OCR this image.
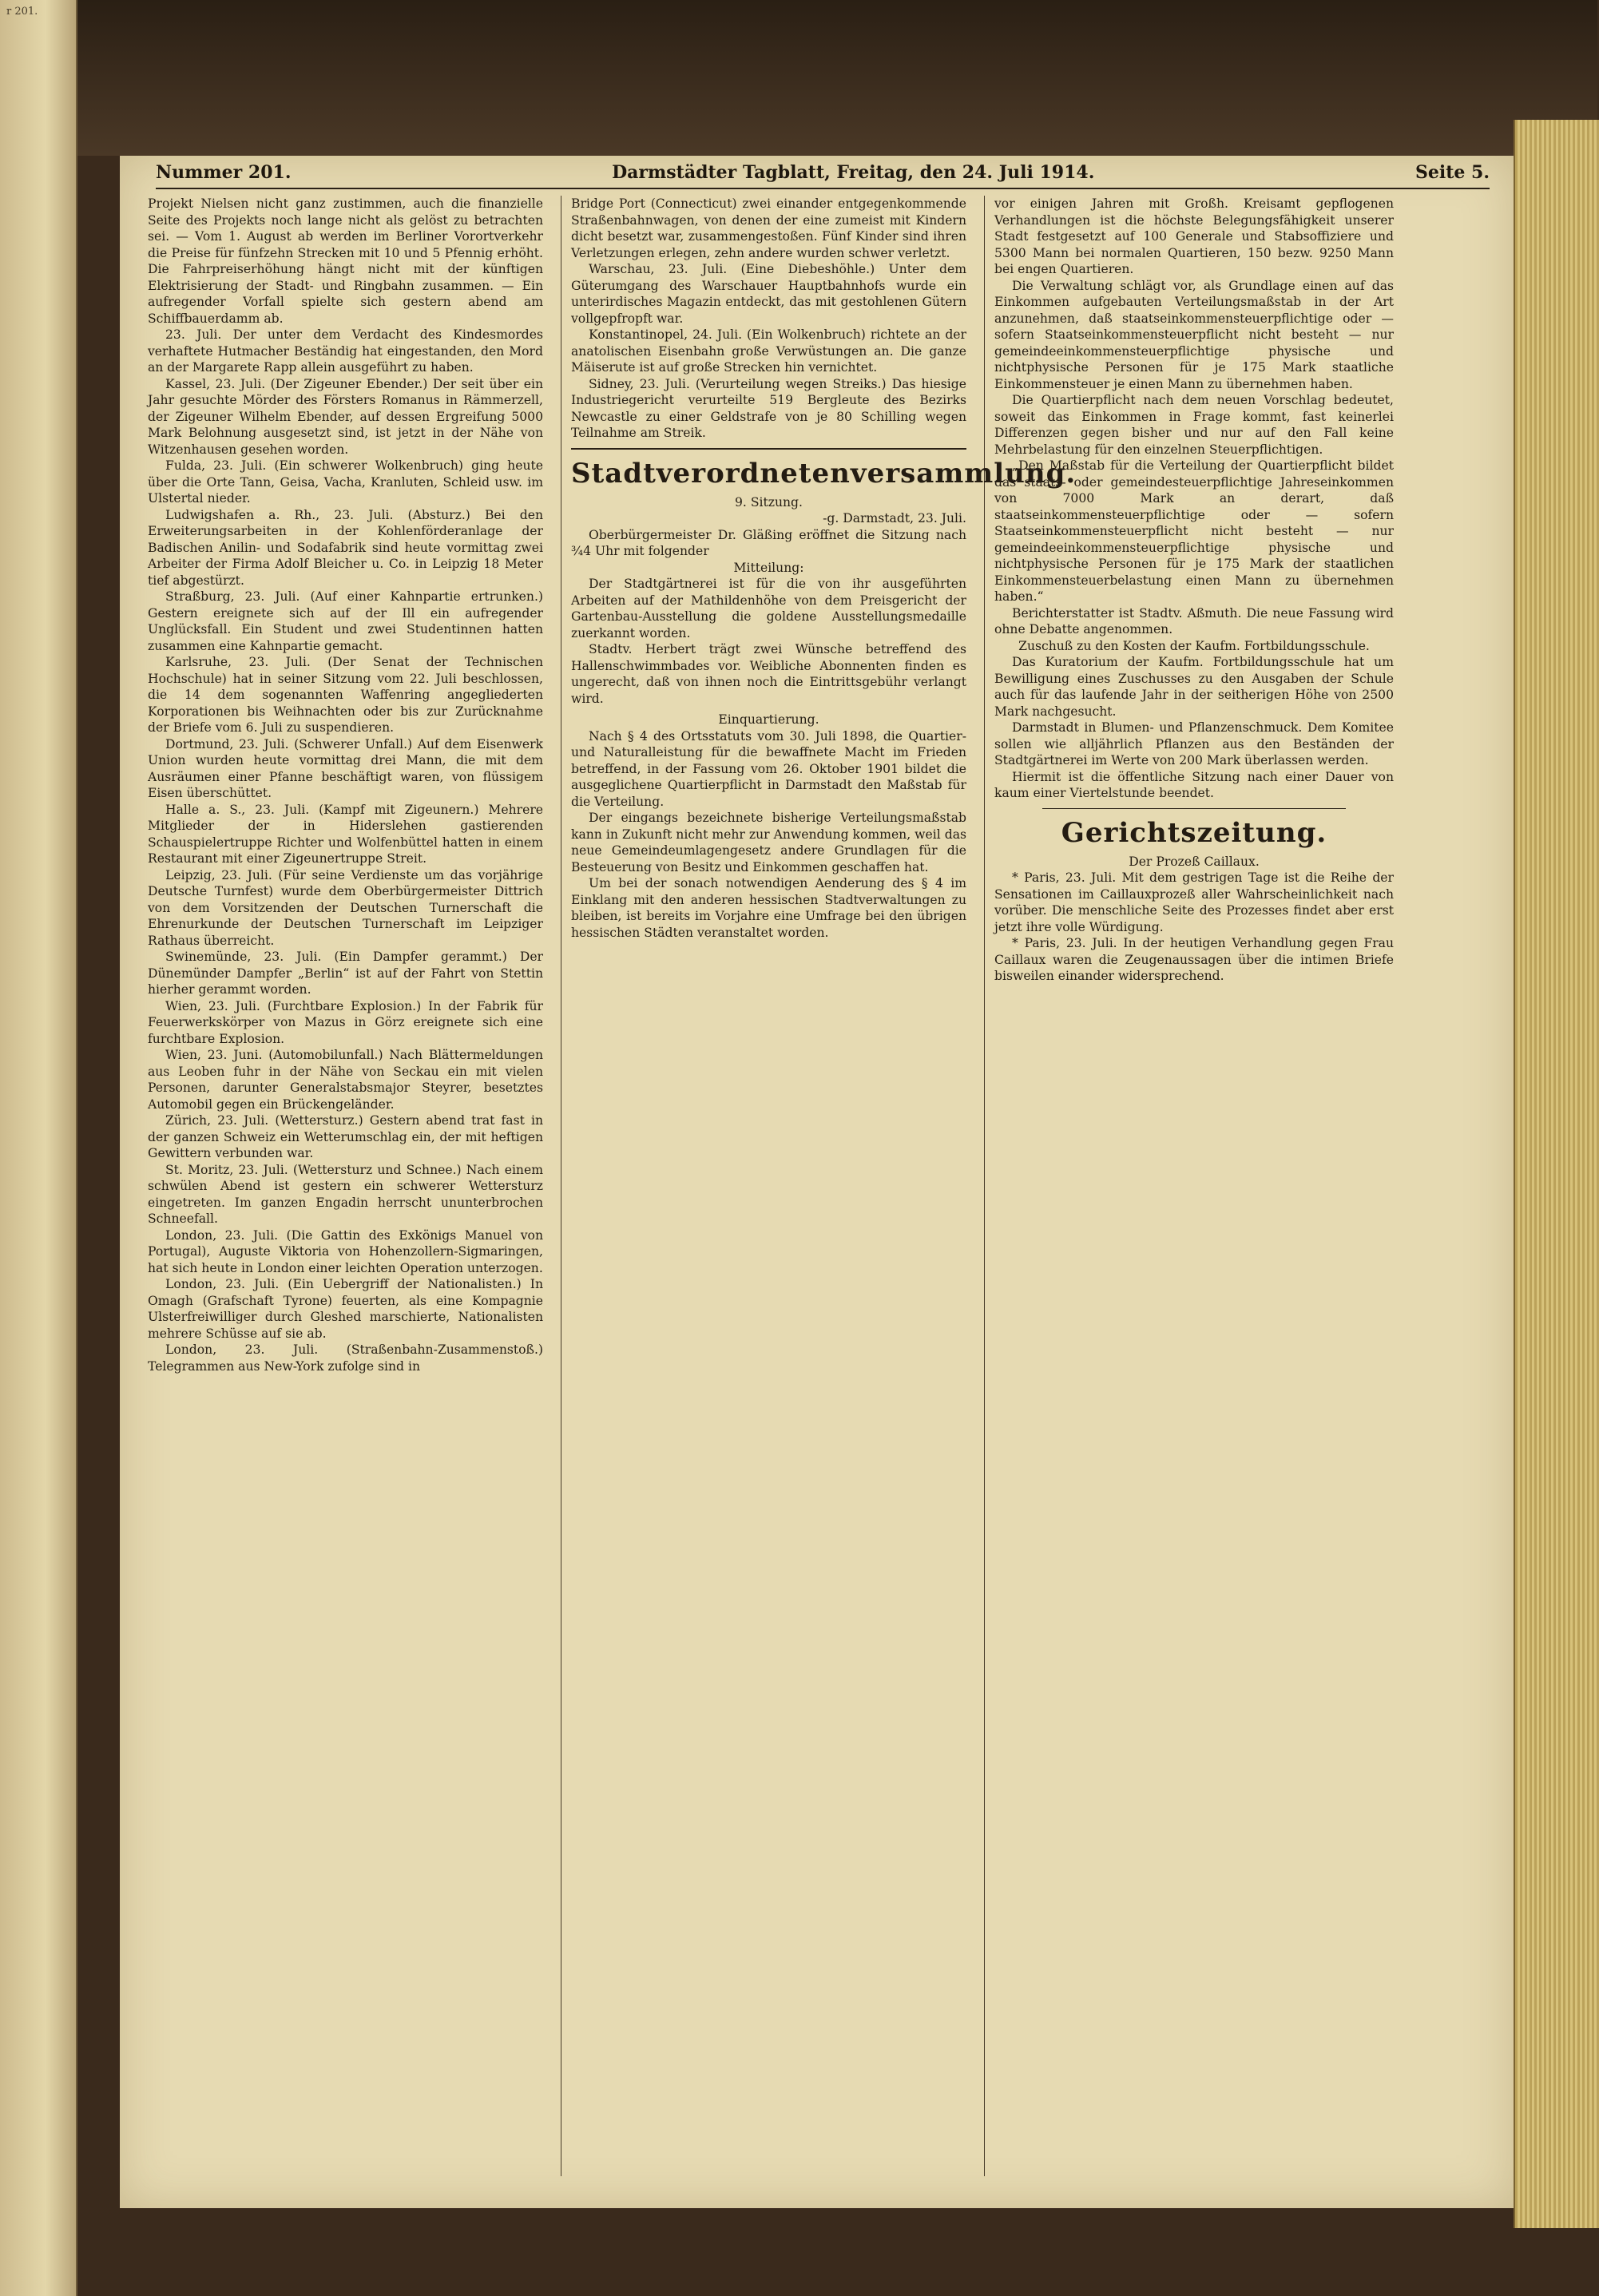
r 201.
Nummer 201.	Darmstädter Tagblatt, Freitag, den 24. Juli 1914.	Seite 5.

Projekt Nielsen nicht ganz zustimmen, auch die finanzielle Seite des Projekts noch lange nicht als gelöst zu betrachten sei. — Vom 1. August ab werden im Berliner Vorortverkehr die Preise für fünfzehn Strecken mit 10 und 5 Pfennig erhöht. Die Fahrpreiserhöhung hängt nicht mit der künftigen Elektrisierung der Stadt- und Ringbahn zusammen. — Ein aufregender Vorfall spielte sich gestern abend am Schiffbauerdamm ab.

23. Juli. Der unter dem Verdacht des Kindesmordes verhaftete Hutmacher Beständig hat eingestanden, den Mord an der Margarete Rapp allein ausgeführt zu haben.

Kassel, 23. Juli. (Der Zigeuner Ebender.) Der seit über ein Jahr gesuchte Mörder des Försters Romanus in Rämmerzell, der Zigeuner Wilhelm Ebender, auf dessen Ergreifung 5000 Mark Belohnung ausgesetzt sind, ist jetzt in der Nähe von Witzenhausen gesehen worden.

Fulda, 23. Juli. (Ein schwerer Wolkenbruch) ging heute über die Orte Tann, Geisa, Vacha, Kranluten, Schleid usw. im Ulstertal nieder.

Ludwigshafen a. Rh., 23. Juli. (Absturz.) Bei den Erweiterungsarbeiten in der Kohlenförderanlage der Badischen Anilin- und Sodafabrik sind heute vormittag zwei Arbeiter der Firma Adolf Bleicher u. Co. in Leipzig 18 Meter tief abgestürzt.

Straßburg, 23. Juli. (Auf einer Kahnpartie ertrunken.) Gestern ereignete sich auf der Ill ein aufregender Unglücksfall. Ein Student und zwei Studentinnen hatten zusammen eine Kahnpartie gemacht.

Karlsruhe, 23. Juli. (Der Senat der Technischen Hochschule) hat in seiner Sitzung vom 22. Juli beschlossen, die 14 dem sogenannten Waffenring angegliederten Korporationen bis Weihnachten oder bis zur Zurücknahme der Briefe vom 6. Juli zu suspendieren.

Dortmund, 23. Juli. (Schwerer Unfall.) Auf dem Eisenwerk Union wurden heute vormittag drei Mann, die mit dem Ausräumen einer Pfanne beschäftigt waren, von flüssigem Eisen überschüttet.

Halle a. S., 23. Juli. (Kampf mit Zigeunern.) Mehrere Mitglieder der in Hiderslehen gastierenden Schauspielertruppe Richter und Wolfenbüttel hatten in einem Restaurant mit einer Zigeunertruppe Streit.

Leipzig, 23. Juli. (Für seine Verdienste um das vorjährige Deutsche Turnfest) wurde dem Oberbürgermeister Dittrich von dem Vorsitzenden der Deutschen Turnerschaft die Ehrenurkunde der Deutschen Turnerschaft im Leipziger Rathaus überreicht.

Swinemünde, 23. Juli. (Ein Dampfer gerammt.) Der Dünemünder Dampfer „Berlin“ ist auf der Fahrt von Stettin hierher gerammt worden.

Wien, 23. Juli. (Furchtbare Explosion.) In der Fabrik für Feuerwerkskörper von Mazus in Görz ereignete sich eine furchtbare Explosion.

Wien, 23. Juni. (Automobilunfall.) Nach Blättermeldungen aus Leoben fuhr in der Nähe von Seckau ein mit vielen Personen, darunter Generalstabsmajor Steyrer, besetztes Automobil gegen ein Brückengeländer.

Zürich, 23. Juli. (Wettersturz.) Gestern abend trat fast in der ganzen Schweiz ein Wetterumschlag ein, der mit heftigen Gewittern verbunden war.

St. Moritz, 23. Juli. (Wettersturz und Schnee.) Nach einem schwülen Abend ist gestern ein schwerer Wettersturz eingetreten. Im ganzen Engadin herrscht ununterbrochen Schneefall.

London, 23. Juli. (Die Gattin des Exkönigs Manuel von Portugal), Auguste Viktoria von Hohenzollern-Sigmaringen, hat sich heute in London einer leichten Operation unterzogen.

London, 23. Juli. (Ein Uebergriff der Nationalisten.) In Omagh (Grafschaft Tyrone) feuerten, als eine Kompagnie Ulsterfreiwilliger durch Gleshed marschierte, Nationalisten mehrere Schüsse auf sie ab.

London, 23. Juli. (Straßenbahn-Zusammenstoß.) Telegrammen aus New-York zufolge sind in

Bridge Port (Connecticut) zwei einander entgegenkommende Straßenbahnwagen, von denen der eine zumeist mit Kindern dicht besetzt war, zusammengestoßen. Fünf Kinder sind ihren Verletzungen erlegen, zehn andere wurden schwer verletzt.

Warschau, 23. Juli. (Eine Diebeshöhle.) Unter dem Güterumgang des Warschauer Hauptbahnhofs wurde ein unterirdisches Magazin entdeckt, das mit gestohlenen Gütern vollgepfropft war.

Konstantinopel, 24. Juli. (Ein Wolkenbruch) richtete an der anatolischen Eisenbahn große Verwüstungen an. Die ganze Mäiserute ist auf große Strecken hin vernichtet.

Sidney, 23. Juli. (Verurteilung wegen Streiks.) Das hiesige Industriegericht verurteilte 519 Bergleute des Bezirks Newcastle zu einer Geldstrafe von je 80 Schilling wegen Teilnahme am Streik.

Stadtverordnetenversammlung.

9. Sitzung.

-g. Darmstadt, 23. Juli.

Oberbürgermeister Dr. Gläßing eröffnet die Sitzung nach ¾4 Uhr mit folgender

Mitteilung:

Der Stadtgärtnerei ist für die von ihr ausgeführten Arbeiten auf der Mathildenhöhe von dem Preisgericht der Gartenbau-Ausstellung die goldene Ausstellungsmedaille zuerkannt worden.

Stadtv. Herbert trägt zwei Wünsche betreffend des Hallenschwimmbades vor. Weibliche Abonnenten finden es ungerecht, daß von ihnen noch die Eintrittsgebühr verlangt wird.

Einquartierung.

Nach § 4 des Ortsstatuts vom 30. Juli 1898, die Quartier- und Naturalleistung für die bewaffnete Macht im Frieden betreffend, in der Fassung vom 26. Oktober 1901 bildet die ausgeglichene Quartierpflicht in Darmstadt den Maßstab für die Verteilung.

Der eingangs bezeichnete bisherige Verteilungsmaßstab kann in Zukunft nicht mehr zur Anwendung kommen, weil das neue Gemeindeumlagengesetz andere Grundlagen für die Besteuerung von Besitz und Einkommen geschaffen hat.

Um bei der sonach notwendigen Aenderung des § 4 im Einklang mit den anderen hessischen Stadtverwaltungen zu bleiben, ist bereits im Vorjahre eine Umfrage bei den übrigen hessischen Städten veranstaltet worden.

vor einigen Jahren mit Großh. Kreisamt gepflogenen Verhandlungen ist die höchste Belegungsfähigkeit unserer Stadt festgesetzt auf 100 Generale und Stabsoffiziere und 5300 Mann bei normalen Quartieren, 150 bezw. 9250 Mann bei engen Quartieren.

Die Verwaltung schlägt vor, als Grundlage einen auf das Einkommen aufgebauten Verteilungsmaßstab in der Art anzunehmen, daß staatseinkommensteuerpflichtige oder — sofern Staatseinkommensteuerpflicht nicht besteht — nur gemeindeeinkommensteuerpflichtige physische und nichtphysische Personen für je 175 Mark staatliche Einkommensteuer je einen Mann zu übernehmen haben.

Die Quartierpflicht nach dem neuen Vorschlag bedeutet, soweit das Einkommen in Frage kommt, fast keinerlei Differenzen gegen bisher und nur auf den Fall keine Mehrbelastung für den einzelnen Steuerpflichtigen.

„Den Maßstab für die Verteilung der Quartierpflicht bildet das staats- oder gemeindesteuerpflichtige Jahreseinkommen von 7000 Mark an derart, daß staatseinkommensteuerpflichtige oder — sofern Staatseinkommensteuerpflicht nicht besteht — nur gemeindeeinkommensteuerpflichtige physische und nichtphysische Personen für je 175 Mark der staatlichen Einkommensteuerbelastung einen Mann zu übernehmen haben.“

Berichterstatter ist Stadtv. Aßmuth. Die neue Fassung wird ohne Debatte angenommen.

Zuschuß zu den Kosten der Kaufm. Fortbildungsschule.

Das Kuratorium der Kaufm. Fortbildungsschule hat um Bewilligung eines Zuschusses zu den Ausgaben der Schule auch für das laufende Jahr in der seitherigen Höhe von 2500 Mark nachgesucht.

Darmstadt in Blumen- und Pflanzenschmuck. Dem Komitee sollen wie alljährlich Pflanzen aus den Beständen der Stadtgärtnerei im Werte von 200 Mark überlassen werden.

Hiermit ist die öffentliche Sitzung nach einer Dauer von kaum einer Viertelstunde beendet.

Gerichtszeitung.

Der Prozeß Caillaux.

* Paris, 23. Juli. Mit dem gestrigen Tage ist die Reihe der Sensationen im Caillauxprozeß aller Wahrscheinlichkeit nach vorüber. Die menschliche Seite des Prozesses findet aber erst jetzt ihre volle Würdigung.

* Paris, 23. Juli. In der heutigen Verhandlung gegen Frau Caillaux waren die Zeugenaussagen über die intimen Briefe bisweilen einander widersprechend.
